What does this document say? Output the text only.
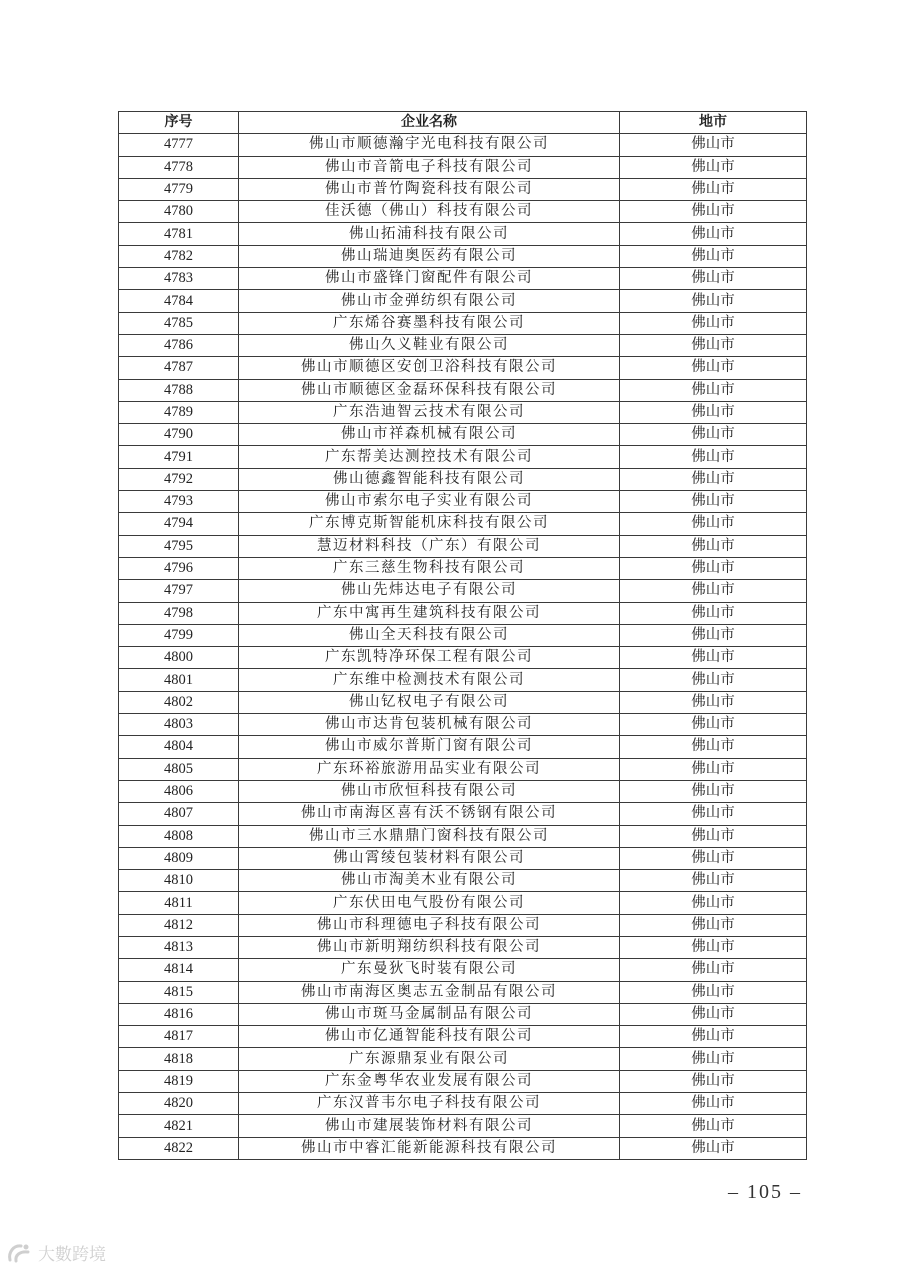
序号	企业名称	地市
4777	佛山市顺德瀚宇光电科技有限公司	佛山市
4778	佛山市音箭电子科技有限公司	佛山市
4779	佛山市普竹陶瓷科技有限公司	佛山市
4780	佳沃德（佛山）科技有限公司	佛山市
4781	佛山拓浦科技有限公司	佛山市
4782	佛山瑞迪奥医药有限公司	佛山市
4783	佛山市盛锋门窗配件有限公司	佛山市
4784	佛山市金弹纺织有限公司	佛山市
4785	广东烯谷赛墨科技有限公司	佛山市
4786	佛山久义鞋业有限公司	佛山市
4787	佛山市顺德区安创卫浴科技有限公司	佛山市
4788	佛山市顺德区金磊环保科技有限公司	佛山市
4789	广东浩迪智云技术有限公司	佛山市
4790	佛山市祥森机械有限公司	佛山市
4791	广东帮美达测控技术有限公司	佛山市
4792	佛山德鑫智能科技有限公司	佛山市
4793	佛山市索尔电子实业有限公司	佛山市
4794	广东博克斯智能机床科技有限公司	佛山市
4795	慧迈材料科技（广东）有限公司	佛山市
4796	广东三慈生物科技有限公司	佛山市
4797	佛山先炜达电子有限公司	佛山市
4798	广东中寓再生建筑科技有限公司	佛山市
4799	佛山全天科技有限公司	佛山市
4800	广东凯特净环保工程有限公司	佛山市
4801	广东维中检测技术有限公司	佛山市
4802	佛山钇权电子有限公司	佛山市
4803	佛山市达肯包装机械有限公司	佛山市
4804	佛山市威尔普斯门窗有限公司	佛山市
4805	广东环裕旅游用品实业有限公司	佛山市
4806	佛山市欣恒科技有限公司	佛山市
4807	佛山市南海区喜有沃不锈钢有限公司	佛山市
4808	佛山市三水鼎鼎门窗科技有限公司	佛山市
4809	佛山霄绫包装材料有限公司	佛山市
4810	佛山市淘美木业有限公司	佛山市
4811	广东伏田电气股份有限公司	佛山市
4812	佛山市科理德电子科技有限公司	佛山市
4813	佛山市新明翔纺织科技有限公司	佛山市
4814	广东曼狄飞时装有限公司	佛山市
4815	佛山市南海区奥志五金制品有限公司	佛山市
4816	佛山市斑马金属制品有限公司	佛山市
4817	佛山市亿通智能科技有限公司	佛山市
4818	广东源鼎泵业有限公司	佛山市
4819	广东金粤华农业发展有限公司	佛山市
4820	广东汉普韦尔电子科技有限公司	佛山市
4821	佛山市建展装饰材料有限公司	佛山市
4822	佛山市中睿汇能新能源科技有限公司	佛山市
– 105 –
大數跨境
